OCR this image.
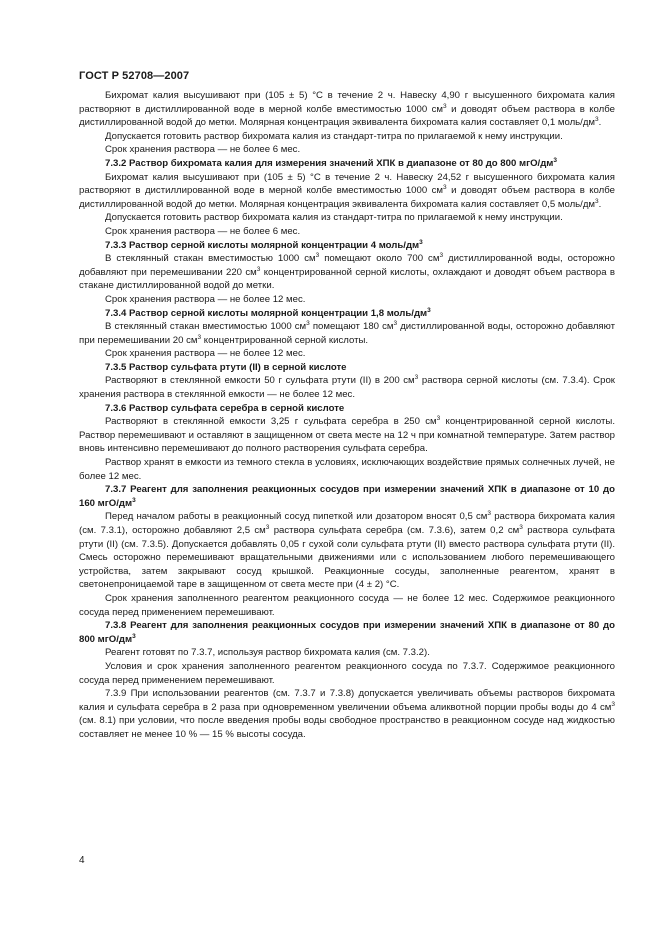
ГОСТ Р 52708—2007

Бихромат калия высушивают при (105 ± 5) °С в течение 2 ч. Навеску 4,90 г высушенного бихромата калия растворяют в дистиллированной воде в мерной колбе вместимостью 1000 $см^3$ и доводят объем раствора в колбе дистиллированной водой до метки. Молярная концентрация эквивалента бихромата калия составляет 0,1 моль/$дм^3$.

Допускается готовить раствор бихромата калия из стандарт-титра по прилагаемой к нему инструкции.

Срок хранения раствора — не более 6 мес.

7.3.2 Раствор бихромата калия для измерения значений ХПК в диапазоне от 80 до 800 мгО/$дм^3$

Бихромат калия высушивают при (105 ± 5) °С в течение 2 ч. Навеску 24,52 г высушенного бихромата калия растворяют в дистиллированной воде в мерной колбе вместимостью 1000 $см^3$ и доводят объем раствора в колбе дистиллированной водой до метки. Молярная концентрация эквивалента бихромата калия составляет 0,5 моль/$дм^3$.

Допускается готовить раствор бихромата калия из стандарт-титра по прилагаемой к нему инструкции.

Срок хранения раствора — не более 6 мес.

7.3.3 Раствор серной кислоты молярной концентрации 4 моль/$дм^3$

В стеклянный стакан вместимостью 1000 $см^3$ помещают около 700 $см^3$ дистиллированной воды, осторожно добавляют при перемешивании 220 $см^3$ концентрированной серной кислоты, охлаждают и доводят объем раствора в стакане дистиллированной водой до метки.

Срок хранения раствора — не более 12 мес.

7.3.4 Раствор серной кислоты молярной концентрации 1,8 моль/$дм^3$

В стеклянный стакан вместимостью 1000 $см^3$ помещают 180 $см^3$ дистиллированной воды, осторожно добавляют при перемешивании 20 $см^3$ концентрированной серной кислоты.

Срок хранения раствора — не более 12 мес.

7.3.5 Раствор сульфата ртути (II) в серной кислоте

Растворяют в стеклянной емкости 50 г сульфата ртути (II) в 200 $см^3$ раствора серной кислоты (см. 7.3.4). Срок хранения раствора в стеклянной емкости — не более 12 мес.

7.3.6 Раствор сульфата серебра в серной кислоте

Растворяют в стеклянной емкости 3,25 г сульфата серебра в 250 $см^3$ концентрированной серной кислоты. Раствор перемешивают и оставляют в защищенном от света месте на 12 ч при комнатной температуре. Затем раствор вновь интенсивно перемешивают до полного растворения сульфата серебра.

Раствор хранят в емкости из темного стекла в условиях, исключающих воздействие прямых солнечных лучей, не более 12 мес.

7.3.7 Реагент для заполнения реакционных сосудов при измерении значений ХПК в диапазоне от 10 до 160 мгО/$дм^3$

Перед началом работы в реакционный сосуд пипеткой или дозатором вносят 0,5 $см^3$ раствора бихромата калия (см. 7.3.1), осторожно добавляют 2,5 $см^3$ раствора сульфата серебра (см. 7.3.6), затем 0,2 $см^3$ раствора сульфата ртути (II) (см. 7.3.5). Допускается добавлять 0,05 г сухой соли сульфата ртути (II) вместо раствора сульфата ртути (II). Смесь осторожно перемешивают вращательными движениями или с использованием любого перемешивающего устройства, затем закрывают сосуд крышкой. Реакционные сосуды, заполненные реагентом, хранят в светонепроницаемой таре в защищенном от света месте при (4 ± 2) °С.

Срок хранения заполненного реагентом реакционного сосуда — не более 12 мес. Содержимое реакционного сосуда перед применением перемешивают.

7.3.8 Реагент для заполнения реакционных сосудов при измерении значений ХПК в диапазоне от 80 до 800 мгО/$дм^3$

Реагент готовят по 7.3.7, используя раствор бихромата калия (см. 7.3.2).

Условия и срок хранения заполненного реагентом реакционного сосуда по 7.3.7. Содержимое реакционного сосуда перед применением перемешивают.

7.3.9 При использовании реагентов (см. 7.3.7 и 7.3.8) допускается увеличивать объемы растворов бихромата калия и сульфата серебра в 2 раза при одновременном увеличении объема аликвотной порции пробы воды до 4 $см^3$ (см. 8.1) при условии, что после введения пробы воды свободное пространство в реакционном сосуде над жидкостью составляет не менее 10 % — 15 % высоты сосуда.

4
